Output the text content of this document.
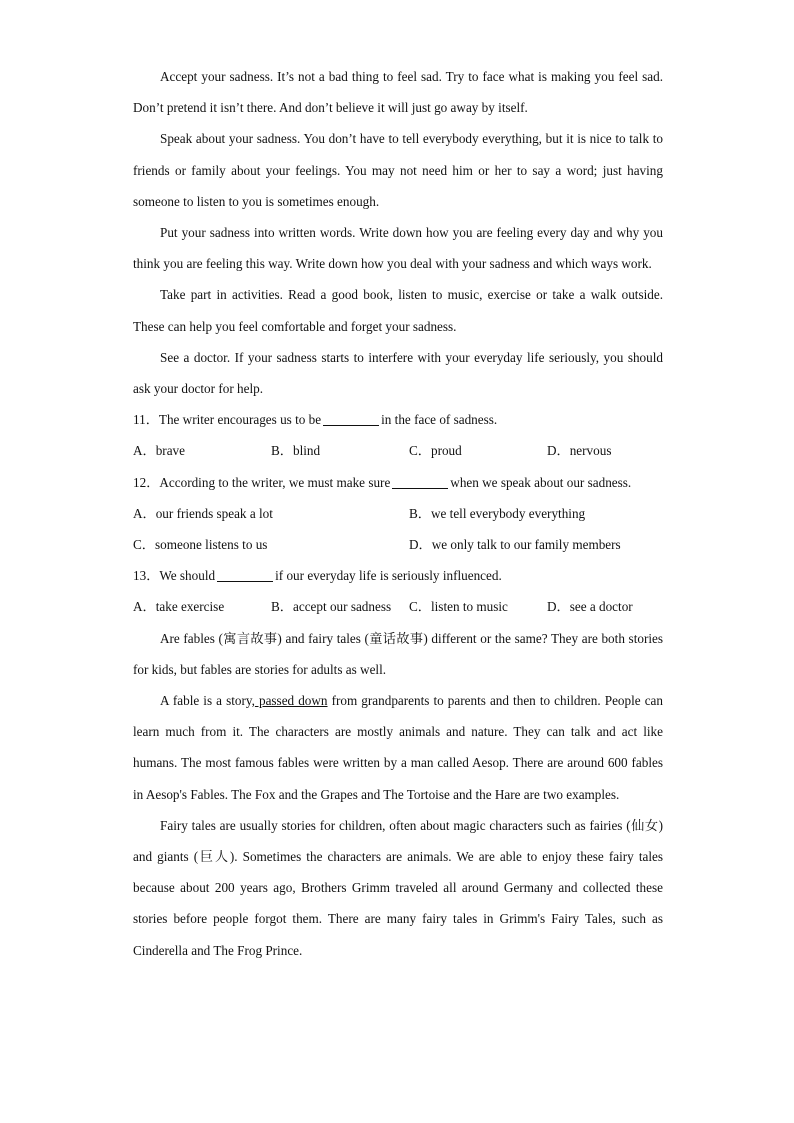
Accept your sadness. It’s not a bad thing to feel sad. Try to face what is making you feel sad. Don’t pretend it isn’t there. And don’t believe it will just go away by itself.

Speak about your sadness. You don’t have to tell everybody everything, but it is nice to talk to friends or family about your feelings. You may not need him or her to say a word; just having someone to listen to you is sometimes enough.

Put your sadness into written words. Write down how you are feeling every day and why you think you are feeling this way. Write down how you deal with your sadness and which ways work.

Take part in activities. Read a good book, listen to music, exercise or take a walk outside. These can help you feel comfortable and forget your sadness.

See a doctor. If your sadness starts to interfere with your everyday life seriously, you should ask your doctor for help.

11．The writer encourages us to be	in the face of sadness.

A．brave	B．blind	C．proud	D．nervous

12．According to the writer, we must make sure	when we speak about our sadness.

A．our friends speak a lot	B．we tell everybody everything
C．someone listens to us	D．we only talk to our family members

13．We should	if our everyday life is seriously influenced.

A．take exercise	B．accept our sadness	C．listen to music	D．see a doctor

Are fables (寓言故事) and fairy tales (童话故事) different or the same? They are both stories for kids, but fables are stories for adults as well.

A fable is a story, passed down from grandparents to parents and then to children. People can learn much from it. The characters are mostly animals and nature. They can talk and act like humans. The most famous fables were written by a man called Aesop. There are around 600 fables in Aesop's Fables. The Fox and the Grapes and The Tortoise and the Hare are two examples.

Fairy tales are usually stories for children, often about magic characters such as fairies (仙女) and giants (巨人). Sometimes the characters are animals. We are able to enjoy these fairy tales because about 200 years ago, Brothers Grimm traveled all around Germany and collected these stories before people forgot them. There are many fairy tales in Grimm's Fairy Tales, such as Cinderella and The Frog Prince.
